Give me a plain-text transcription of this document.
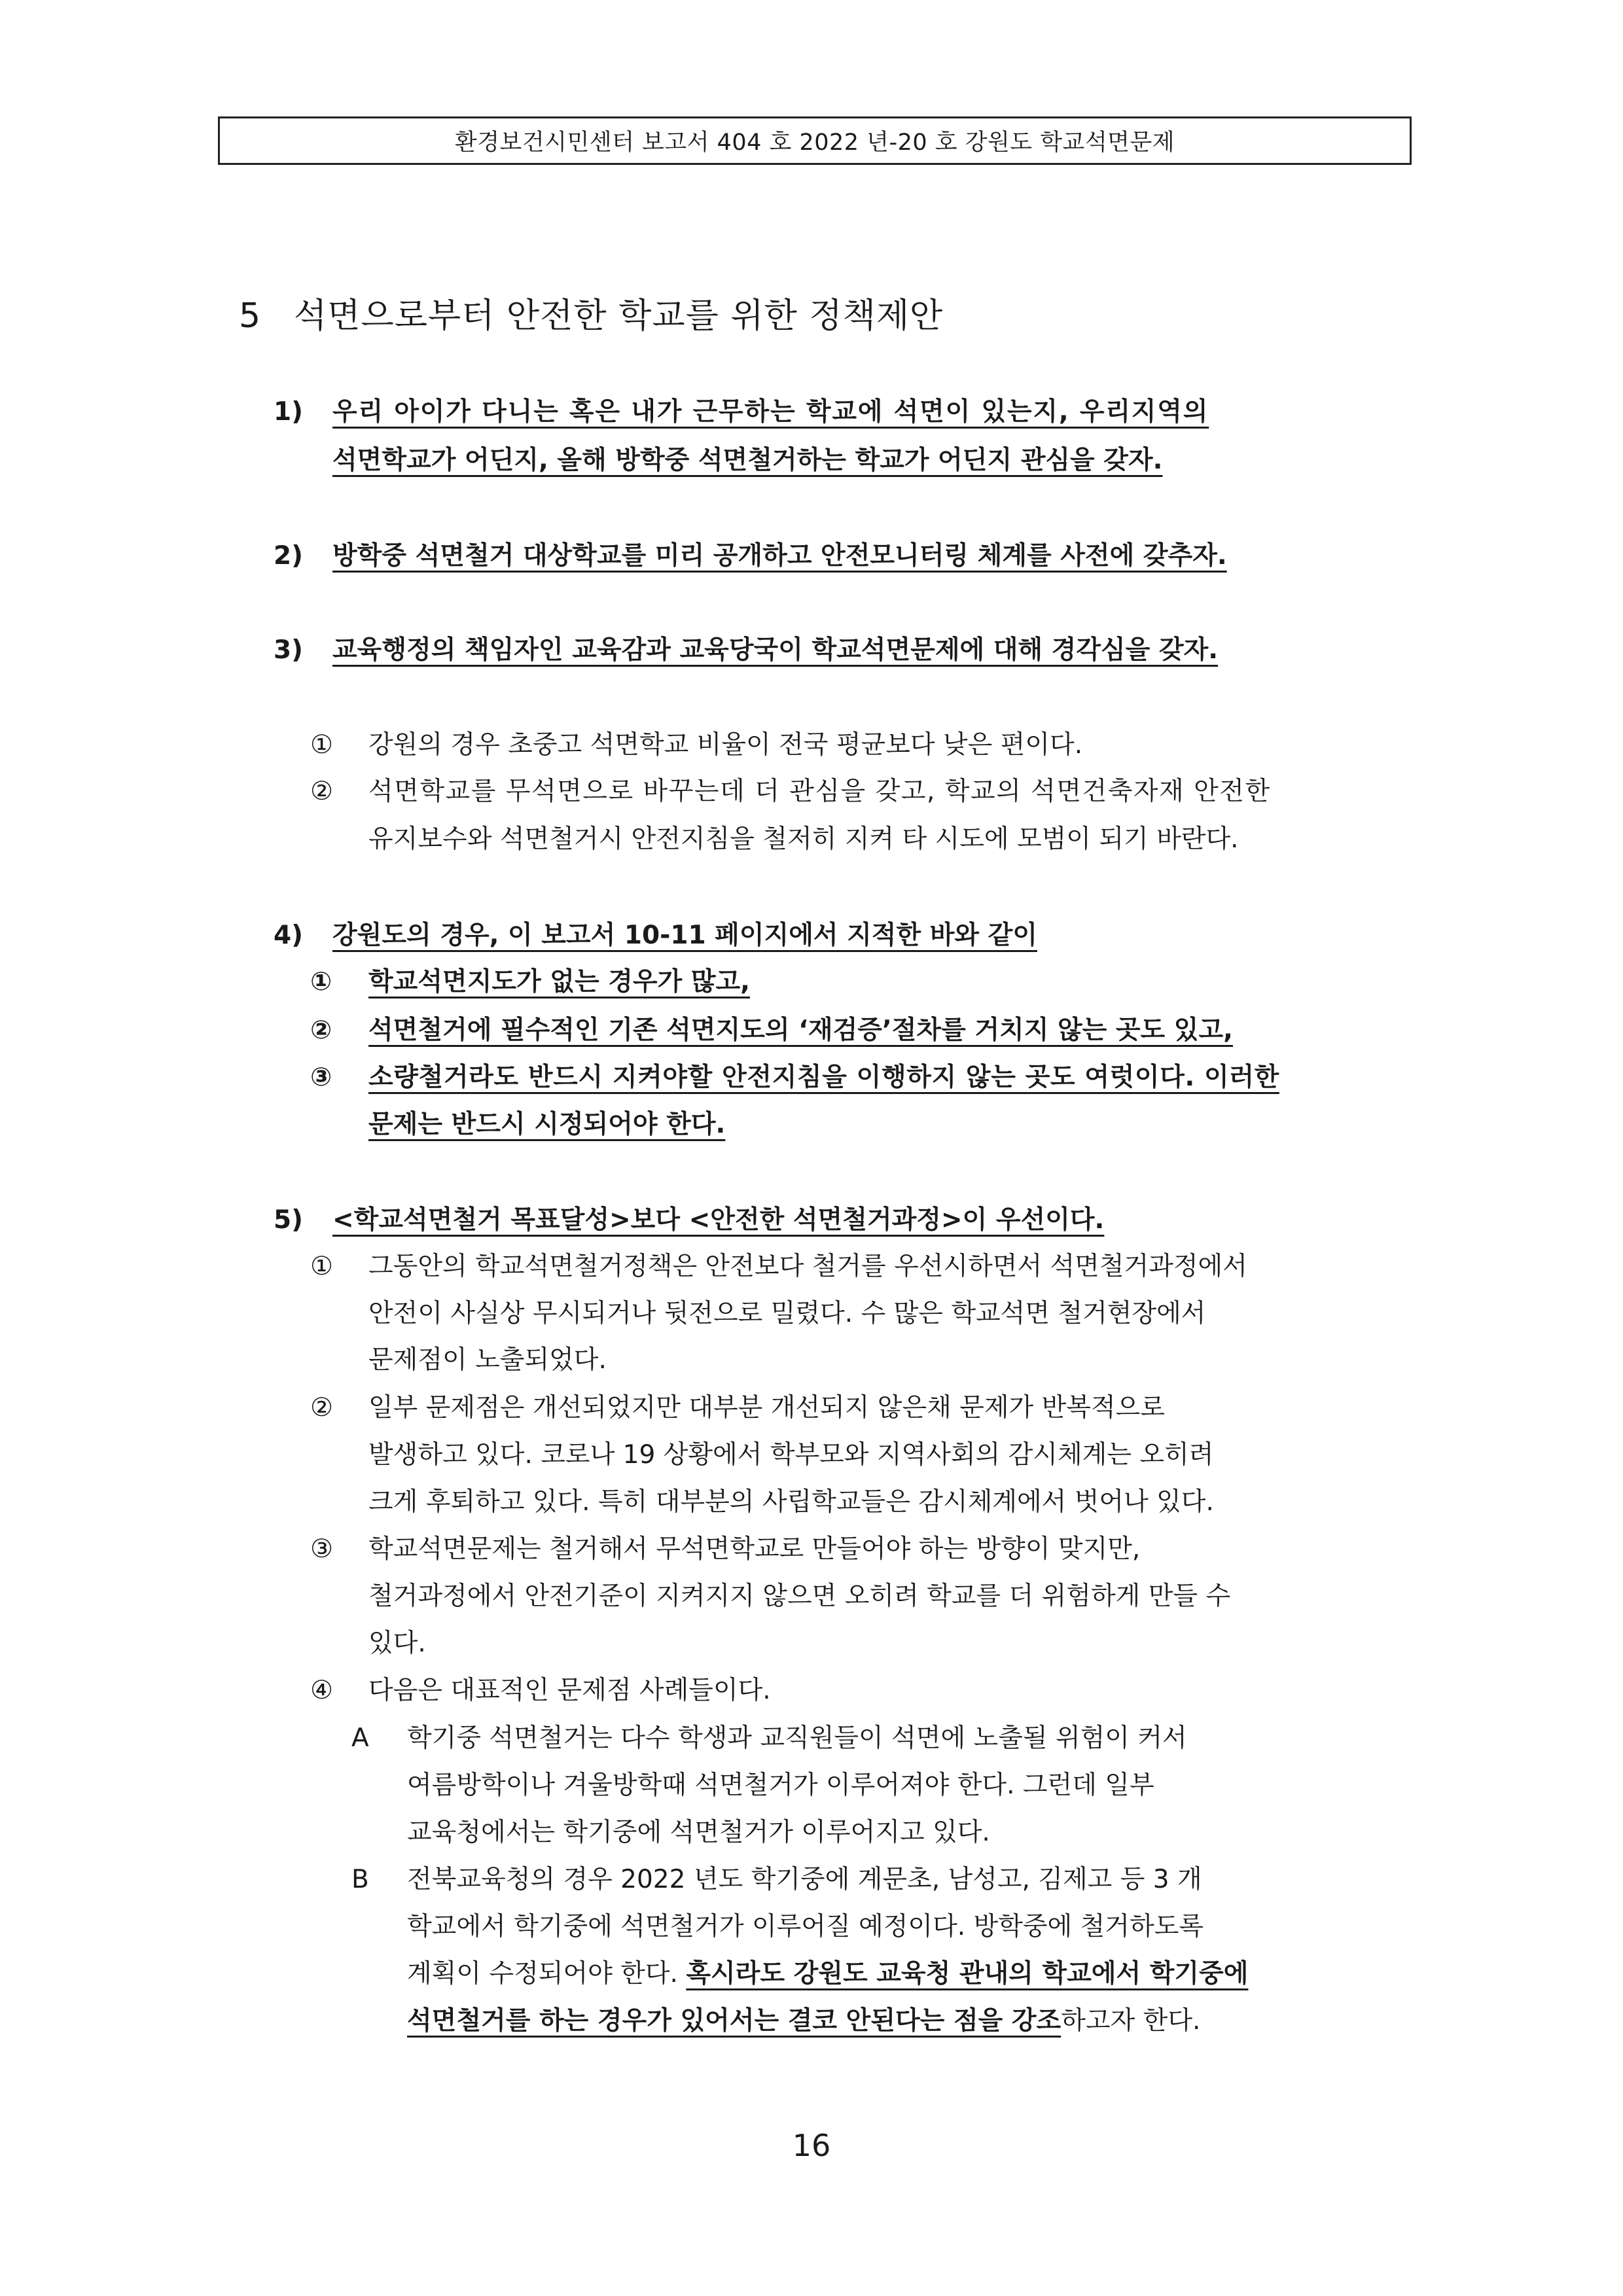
환경보건시민센터 보고서 404 호 2022 년-20 호 강원도 학교석면문제
5 석면으로부터 안전한 학교를 위한 정책제안
1) 우리 아이가 다니는 혹은 내가 근무하는 학교에 석면이 있는지, 우리지역의
석면학교가 어딘지, 올해 방학중 석면철거하는 학교가 어딘지 관심을 갖자.
2) 방학중 석면철거 대상학교를 미리 공개하고 안전모니터링 체계를 사전에 갖추자.
3) 교육행정의 책임자인 교육감과 교육당국이 학교석면문제에 대해 경각심을 갖자.
① 강원의 경우 초중고 석면학교 비율이 전국 평균보다 낮은 편이다.
② 석면학교를 무석면으로 바꾸는데 더 관심을 갖고, 학교의 석면건축자재 안전한
유지보수와 석면철거시 안전지침을 철저히 지켜 타 시도에 모범이 되기 바란다.
4) 강원도의 경우, 이 보고서 10-11 페이지에서 지적한 바와 같이
① 학교석면지도가 없는 경우가 많고,
② 석면철거에 필수적인 기존 석면지도의 ‘재검증’절차를 거치지 않는 곳도 있고,
③ 소량철거라도 반드시 지켜야할 안전지침을 이행하지 않는 곳도 여럿이다. 이러한
문제는 반드시 시정되어야 한다.
5) <학교석면철거 목표달성>보다 <안전한 석면철거과정>이 우선이다.
① 그동안의 학교석면철거정책은 안전보다 철거를 우선시하면서 석면철거과정에서
안전이 사실상 무시되거나 뒷전으로 밀렸다. 수 많은 학교석면 철거현장에서
문제점이 노출되었다.
② 일부 문제점은 개선되었지만 대부분 개선되지 않은채 문제가 반복적으로
발생하고 있다. 코로나 19 상황에서 학부모와 지역사회의 감시체계는 오히려
크게 후퇴하고 있다. 특히 대부분의 사립학교들은 감시체계에서 벗어나 있다.
③ 학교석면문제는 철거해서 무석면학교로 만들어야 하는 방향이 맞지만,
철거과정에서 안전기준이 지켜지지 않으면 오히려 학교를 더 위험하게 만들 수
있다.
④ 다음은 대표적인 문제점 사례들이다.
A 학기중 석면철거는 다수 학생과 교직원들이 석면에 노출될 위험이 커서
여름방학이나 겨울방학때 석면철거가 이루어져야 한다. 그런데 일부
교육청에서는 학기중에 석면철거가 이루어지고 있다.
B 전북교육청의 경우 2022 년도 학기중에 계문초, 남성고, 김제고 등 3 개
학교에서 학기중에 석면철거가 이루어질 예정이다. 방학중에 철거하도록
계획이 수정되어야 한다. 혹시라도 강원도 교육청 관내의 학교에서 학기중에
석면철거를 하는 경우가 있어서는 결코 안된다는 점을 강조하고자 한다.
16
